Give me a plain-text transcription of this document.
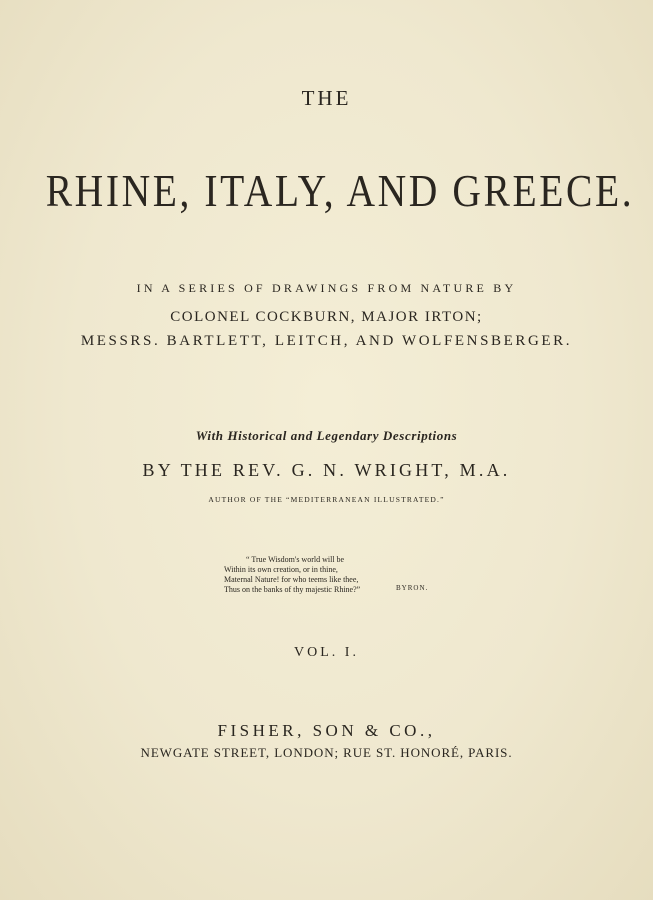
THE
RHINE, ITALY, AND GREECE.
IN A SERIES OF DRAWINGS FROM NATURE BY
COLONEL COCKBURN, MAJOR IRTON;
MESSRS. BARTLETT, LEITCH, AND WOLFENSBERGER.
With Historical and Legendary Descriptions
BY THE REV. G. N. WRIGHT, M.A.
AUTHOR OF THE “MEDITERRANEAN ILLUSTRATED.”
“ True Wisdom's world will be
Within its own creation, or in thine,
Maternal Nature! for who teems like thee,
Thus on the banks of thy majestic Rhine?”	BYRON.
VOL. I.
FISHER, SON & CO.,
NEWGATE STREET, LONDON; RUE ST. HONORÉ, PARIS.
